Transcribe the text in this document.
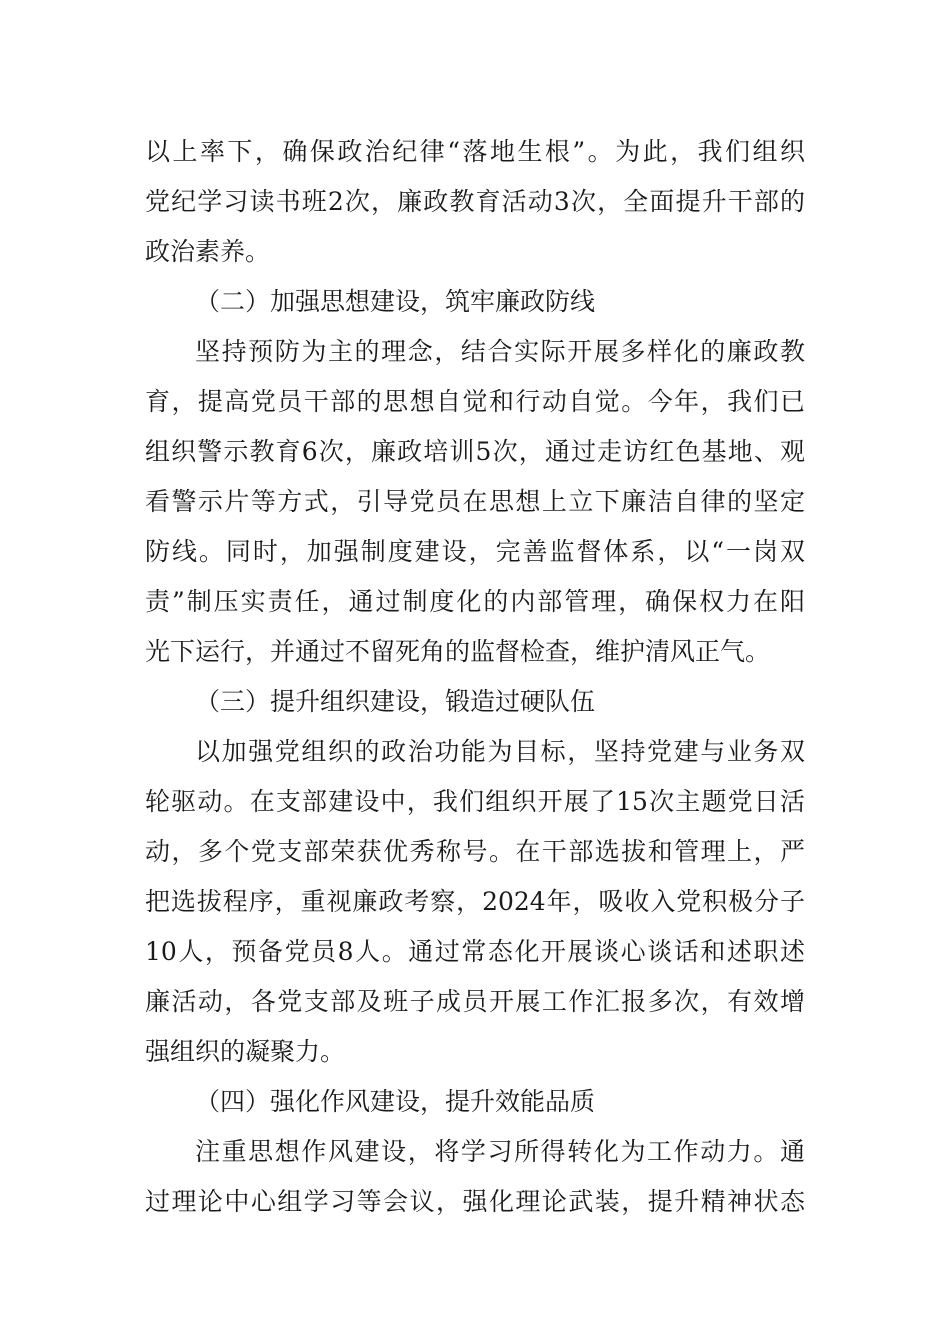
以上率下，确保政治纪律“落地生根”。为此，我们组织
党纪学习读书班2次，廉政教育活动3次，全面提升干部的
政治素养。
（二）加强思想建设，筑牢廉政防线
坚持预防为主的理念，结合实际开展多样化的廉政教
育，提高党员干部的思想自觉和行动自觉。今年，我们已
组织警示教育6次，廉政培训5次，通过走访红色基地、观
看警示片等方式，引导党员在思想上立下廉洁自律的坚定
防线。同时，加强制度建设，完善监督体系，以“一岗双
责”制压实责任，通过制度化的内部管理，确保权力在阳
光下运行，并通过不留死角的监督检查，维护清风正气。
（三）提升组织建设，锻造过硬队伍
以加强党组织的政治功能为目标，坚持党建与业务双
轮驱动。在支部建设中，我们组织开展了15次主题党日活
动，多个党支部荣获优秀称号。在干部选拔和管理上，严
把选拔程序，重视廉政考察，2024年，吸收入党积极分子
10人，预备党员8人。通过常态化开展谈心谈话和述职述
廉活动，各党支部及班子成员开展工作汇报多次，有效增
强组织的凝聚力。
（四）强化作风建设，提升效能品质
注重思想作风建设，将学习所得转化为工作动力。通
过理论中心组学习等会议，强化理论武装，提升精神状态
